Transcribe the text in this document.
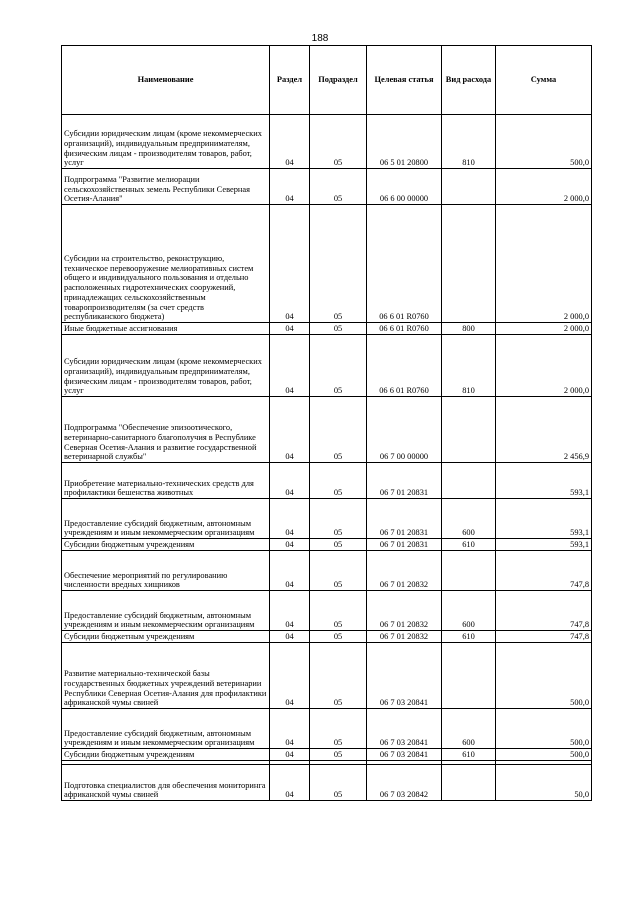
188
Наименование	Раздел	Подраздел	Целевая статья	Вид расхода	Сумма
Субсидии юридическим лицам (кроме некоммерческих организаций), индивидуальным предпринимателям, физическим лицам - производителям товаров, работ, услуг	04	05	06 5 01 20800	810	500,0
Подпрограмма "Развитие мелиорации сельскохозяйственных земель Республики Северная Осетия-Алания"	04	05	06 6 00 00000		2 000,0
Субсидии на строительство, реконструкцию, техническое перевооружение мелиоративных систем общего и индивидуального пользования и отдельно расположенных гидротехнических сооружений, принадлежащих сельскохозяйственным товаропроизводителям (за счет средств республиканского бюджета)	04	05	06 6 01 R0760		2 000,0
Иные бюджетные ассигнования	04	05	06 6 01 R0760	800	2 000,0
Субсидии юридическим лицам (кроме некоммерческих организаций), индивидуальным предпринимателям, физическим лицам - производителям товаров, работ, услуг	04	05	06 6 01 R0760	810	2 000,0
Подпрограмма "Обеспечение эпизоотического, ветеринарно-санитарного благополучия в Республике Северная Осетия-Алания и развитие государственной ветеринарной службы"	04	05	06 7 00 00000		2 456,9
Приобретение материально-технических средств для профилактики бешенства животных	04	05	06 7 01 20831		593,1
Предоставление субсидий бюджетным, автономным учреждениям и иным некоммерческим организациям	04	05	06 7 01 20831	600	593,1
Субсидии бюджетным учреждениям	04	05	06 7 01 20831	610	593,1
Обеспечение мероприятий по регулированию численности вредных хищников	04	05	06 7 01 20832		747,8
Предоставление субсидий бюджетным, автономным учреждениям и иным некоммерческим организациям	04	05	06 7 01 20832	600	747,8
Субсидии бюджетным учреждениям	04	05	06 7 01 20832	610	747,8
Развитие материально-технической базы государственных бюджетных учреждений ветеринарии Республики Северная Осетия-Алания для профилактики африканской чумы свиней	04	05	06 7 03 20841		500,0
Предоставление субсидий бюджетным, автономным учреждениям и иным некоммерческим организациям	04	05	06 7 03 20841	600	500,0
Субсидии бюджетным учреждениям	04	05	06 7 03 20841	610	500,0

Подготовка специалистов для обеспечения мониторинга африканской чумы свиней	04	05	06 7 03 20842		50,0
